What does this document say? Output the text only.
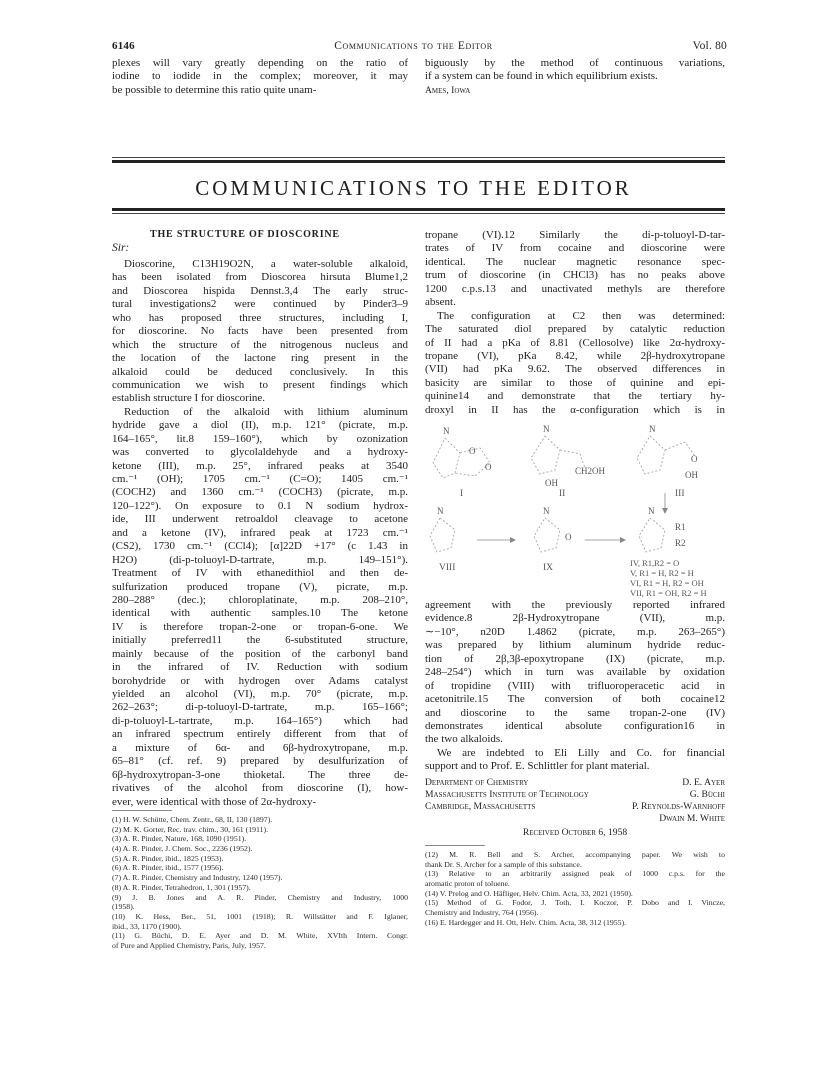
6146	Communications to the Editor	Vol. 80
plexes will vary greatly depending on the ratio of
iodine to iodide in the complex; moreover, it may
be possible to determine this ratio quite unam-
biguously by the method of continuous variations,
if a system can be found in which equilibrium exists.
Ames, Iowa
COMMUNICATIONS TO THE EDITOR
THE STRUCTURE OF DIOSCORINE
Sir:
Dioscorine, C13H19O2N, a water-soluble alkaloid,
has been isolated from Dioscorea hirsuta Blume1,2
and Dioscorea hispida Dennst.3,4 The early struc-
tural investigations2 were continued by Pinder3–9
who has proposed three structures, including I,
for dioscorine. No facts have been presented from
which the structure of the nitrogenous nucleus and
the location of the lactone ring present in the
alkaloid could be deduced conclusively. In this
communication we wish to present findings which
establish structure I for dioscorine.
Reduction of the alkaloid with lithium aluminum
hydride gave a diol (II), m.p. 121° (picrate, m.p.
164–165°, lit.8 159–160°), which by ozonization
was converted to glycolaldehyde and a hydroxy-
ketone (III), m.p. 25°, infrared peaks at 3540
cm.⁻¹ (OH); 1705 cm.⁻¹ (C=O); 1405 cm.⁻¹
(COCH2) and 1360 cm.⁻¹ (COCH3) (picrate, m.p.
120–122°). On exposure to 0.1 N sodium hydrox-
ide, III underwent retroaldol cleavage to acetone
and a ketone (IV), infrared peak at 1723 cm.⁻¹
(CS2), 1730 cm.⁻¹ (CCl4); [α]22D +17° (c 1.43 in
H2O) (di-p-toluoyl-D-tartrate, m.p. 149–151°).
Treatment of IV with ethanedithiol and then de-
sulfurization produced tropane (V), picrate, m.p.
280–288° (dec.); chloroplatinate, m.p. 208–210°,
identical with authentic samples.10 The ketone
IV is therefore tropan-2-one or tropan-6-one. We
initially preferred11 the 6-substituted structure,
mainly because of the position of the carbonyl band
in the infrared of IV. Reduction with sodium
borohydride or with hydrogen over Adams catalyst
yielded an alcohol (VI), m.p. 70° (picrate, m.p.
262–263°; di-p-toluoyl-D-tartrate, m.p. 165–166°;
di-p-toluoyl-L-tartrate, m.p. 164–165°) which had
an infrared spectrum entirely different from that of
a mixture of 6α- and 6β-hydroxytropane, m.p.
65–81° (cf. ref. 9) prepared by desulfurization of
6β-hydroxytropan-3-one thioketal. The three de-
rivatives of the alcohol from dioscorine (I), how-
ever, were identical with those of 2α-hydroxy-
(1) H. W. Schütte, Chem. Zentr., 68, II, 130 (1897).
(2) M. K. Gorter, Rec. trav. chim., 30, 161 (1911).
(3) A. R. Pinder, Nature, 168, 1090 (1951).
(4) A. R. Pinder, J. Chem. Soc., 2236 (1952).
(5) A. R. Pinder, ibid., 1825 (1953).
(6) A. R. Pinder, ibid., 1577 (1956).
(7) A. R. Pinder, Chemistry and Industry, 1240 (1957).
(8) A. R. Pinder, Tetrahedron, 1, 301 (1957).
(9) J. B. Jones and A. R. Pinder, Chemistry and Industry, 1000
(1958).
(10) K. Hess, Ber., 51, 1001 (1918); R. Willstätter and F. Iglauer,
ibid., 33, 1170 (1900).
(11) G. Büchi, D. E. Ayer and D. M. White, XVIth Intern. Congr.
of Pure and Applied Chemistry, Paris, July, 1957.
tropane (VI).12 Similarly the di-p-toluoyl-D-tar-
trates of IV from cocaine and dioscorine were
identical. The nuclear magnetic resonance spec-
trum of dioscorine (in CHCl3) has no peaks above
1200 c.p.s.13 and unactivated methyls are therefore
absent.
The configuration at C2 then was determined:
The saturated diol prepared by catalytic reduction
of II had a pKa of 8.81 (Cellosolve) like 2α-hydroxy-
tropane (VI), pKa 8.42, while 2β-hydroxytropane
(VII) had pKa 9.62. The observed differences in
basicity are similar to those of quinine and epi-
quinine14 and demonstrate that the tertiary hy-
droxyl in II has the α-configuration which is in
N
O
O
N
OH
CH2OH
N
O
OH
N	N
O
N
R1
R2
I	II	III
VIII	IX	IV, R1,R2 = O
V, R1 = H, R2 = H
VI, R1 = H, R2 = OH
VII, R1 = OH, R2 = H
agreement with the previously reported infrared
evidence.8 2β-Hydroxytropane (VII), m.p.
∼−10°, n20D 1.4862 (picrate, m.p. 263–265°)
was prepared by lithium aluminum hydride reduc-
tion of 2β,3β-epoxytropane (IX) (picrate, m.p.
248–254°) which in turn was available by oxidation
of tropidine (VIII) with trifluoroperacetic acid in
acetonitrile.15 The conversion of both cocaine12
and dioscorine to the same tropan-2-one (IV)
demonstrates identical absolute configuration16 in
the two alkaloids.
We are indebted to Eli Lilly and Co. for financial
support and to Prof. E. Schlittler for plant material.
Department of Chemistry	D. E. Ayer
Massachusetts Institute of Technology	G. Büchi
Cambridge, Massachusetts	P. Reynolds-Warnhoff
Dwain M. White
Received October 6, 1958
(12) M. R. Bell and S. Archer, accompanying paper. We wish to
thank Dr. S. Archer for a sample of this substance.
(13) Relative to an arbitrarily assigned peak of 1000 c.p.s. for the
aromatic proton of toluene.
(14) V. Prelog and O. Häfliger, Helv. Chim. Acta, 33, 2021 (1950).
(15) Method of G. Fodor, J. Toth, I. Koczor, P. Dobo and I. Vincze,
Chemistry and Industry, 764 (1956).
(16) E. Hardegger and H. Ott, Helv. Chim. Acta, 38, 312 (1955).
